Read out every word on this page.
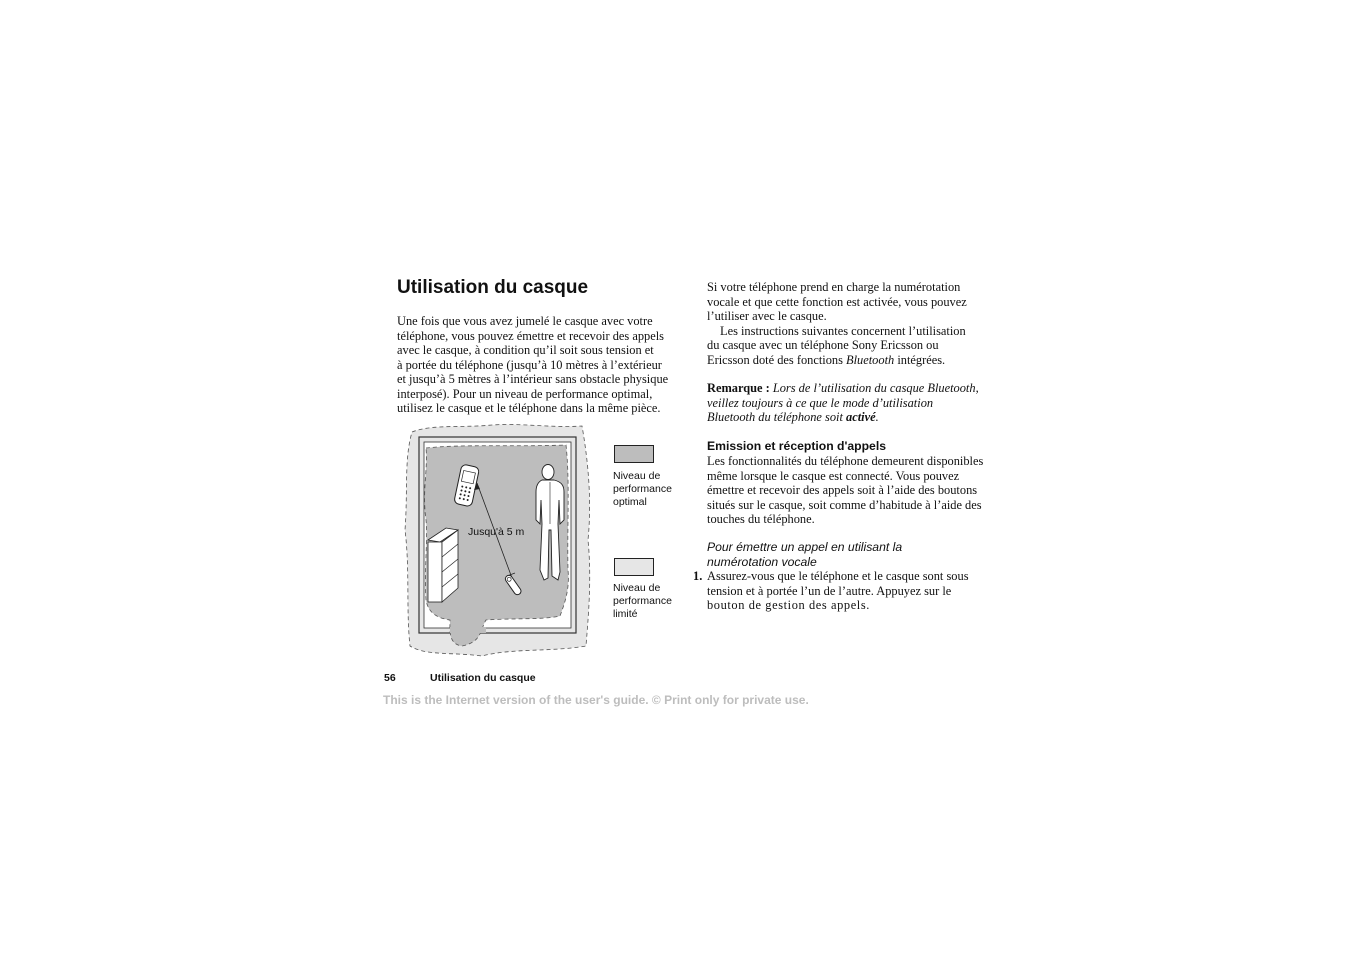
Utilisation du casque
Une fois que vous avez jumelé le casque avec votre
téléphone, vous pouvez émettre et recevoir des appels
avec le casque, à condition qu’il soit sous tension et
à portée du téléphone (jusqu’à 10 mètres à l’extérieur
et jusqu’à 5 mètres à l’intérieur sans obstacle physique
interposé). Pour un niveau de performance optimal,
utilisez le casque et le téléphone dans la même pièce.
Jusqu'à 5 m
Niveau de
performance
optimal
Niveau de
performance
limité
Si votre téléphone prend en charge la numérotation
vocale et que cette fonction est activée, vous pouvez
l’utiliser avec le casque.
Les instructions suivantes concernent l’utilisation
du casque avec un téléphone Sony Ericsson ou
Ericsson doté des fonctions Bluetooth intégrées.
Remarque : Lors de l’utilisation du casque Bluetooth,
veillez toujours à ce que le mode d’utilisation
Bluetooth du téléphone soit activé.
Emission et réception d'appels
Les fonctionnalités du téléphone demeurent disponibles
même lorsque le casque est connecté. Vous pouvez
émettre et recevoir des appels soit à l’aide des boutons
situés sur le casque, soit comme d’habitude à l’aide des
touches du téléphone.
Pour émettre un appel en utilisant la
numérotation vocale
1. Assurez-vous que le téléphone et le casque sont sous
tension et à portée l’un de l’autre. Appuyez sur le
bouton de gestion des appels.
56	Utilisation du casque
This is the Internet version of the user's guide. © Print only for private use.
